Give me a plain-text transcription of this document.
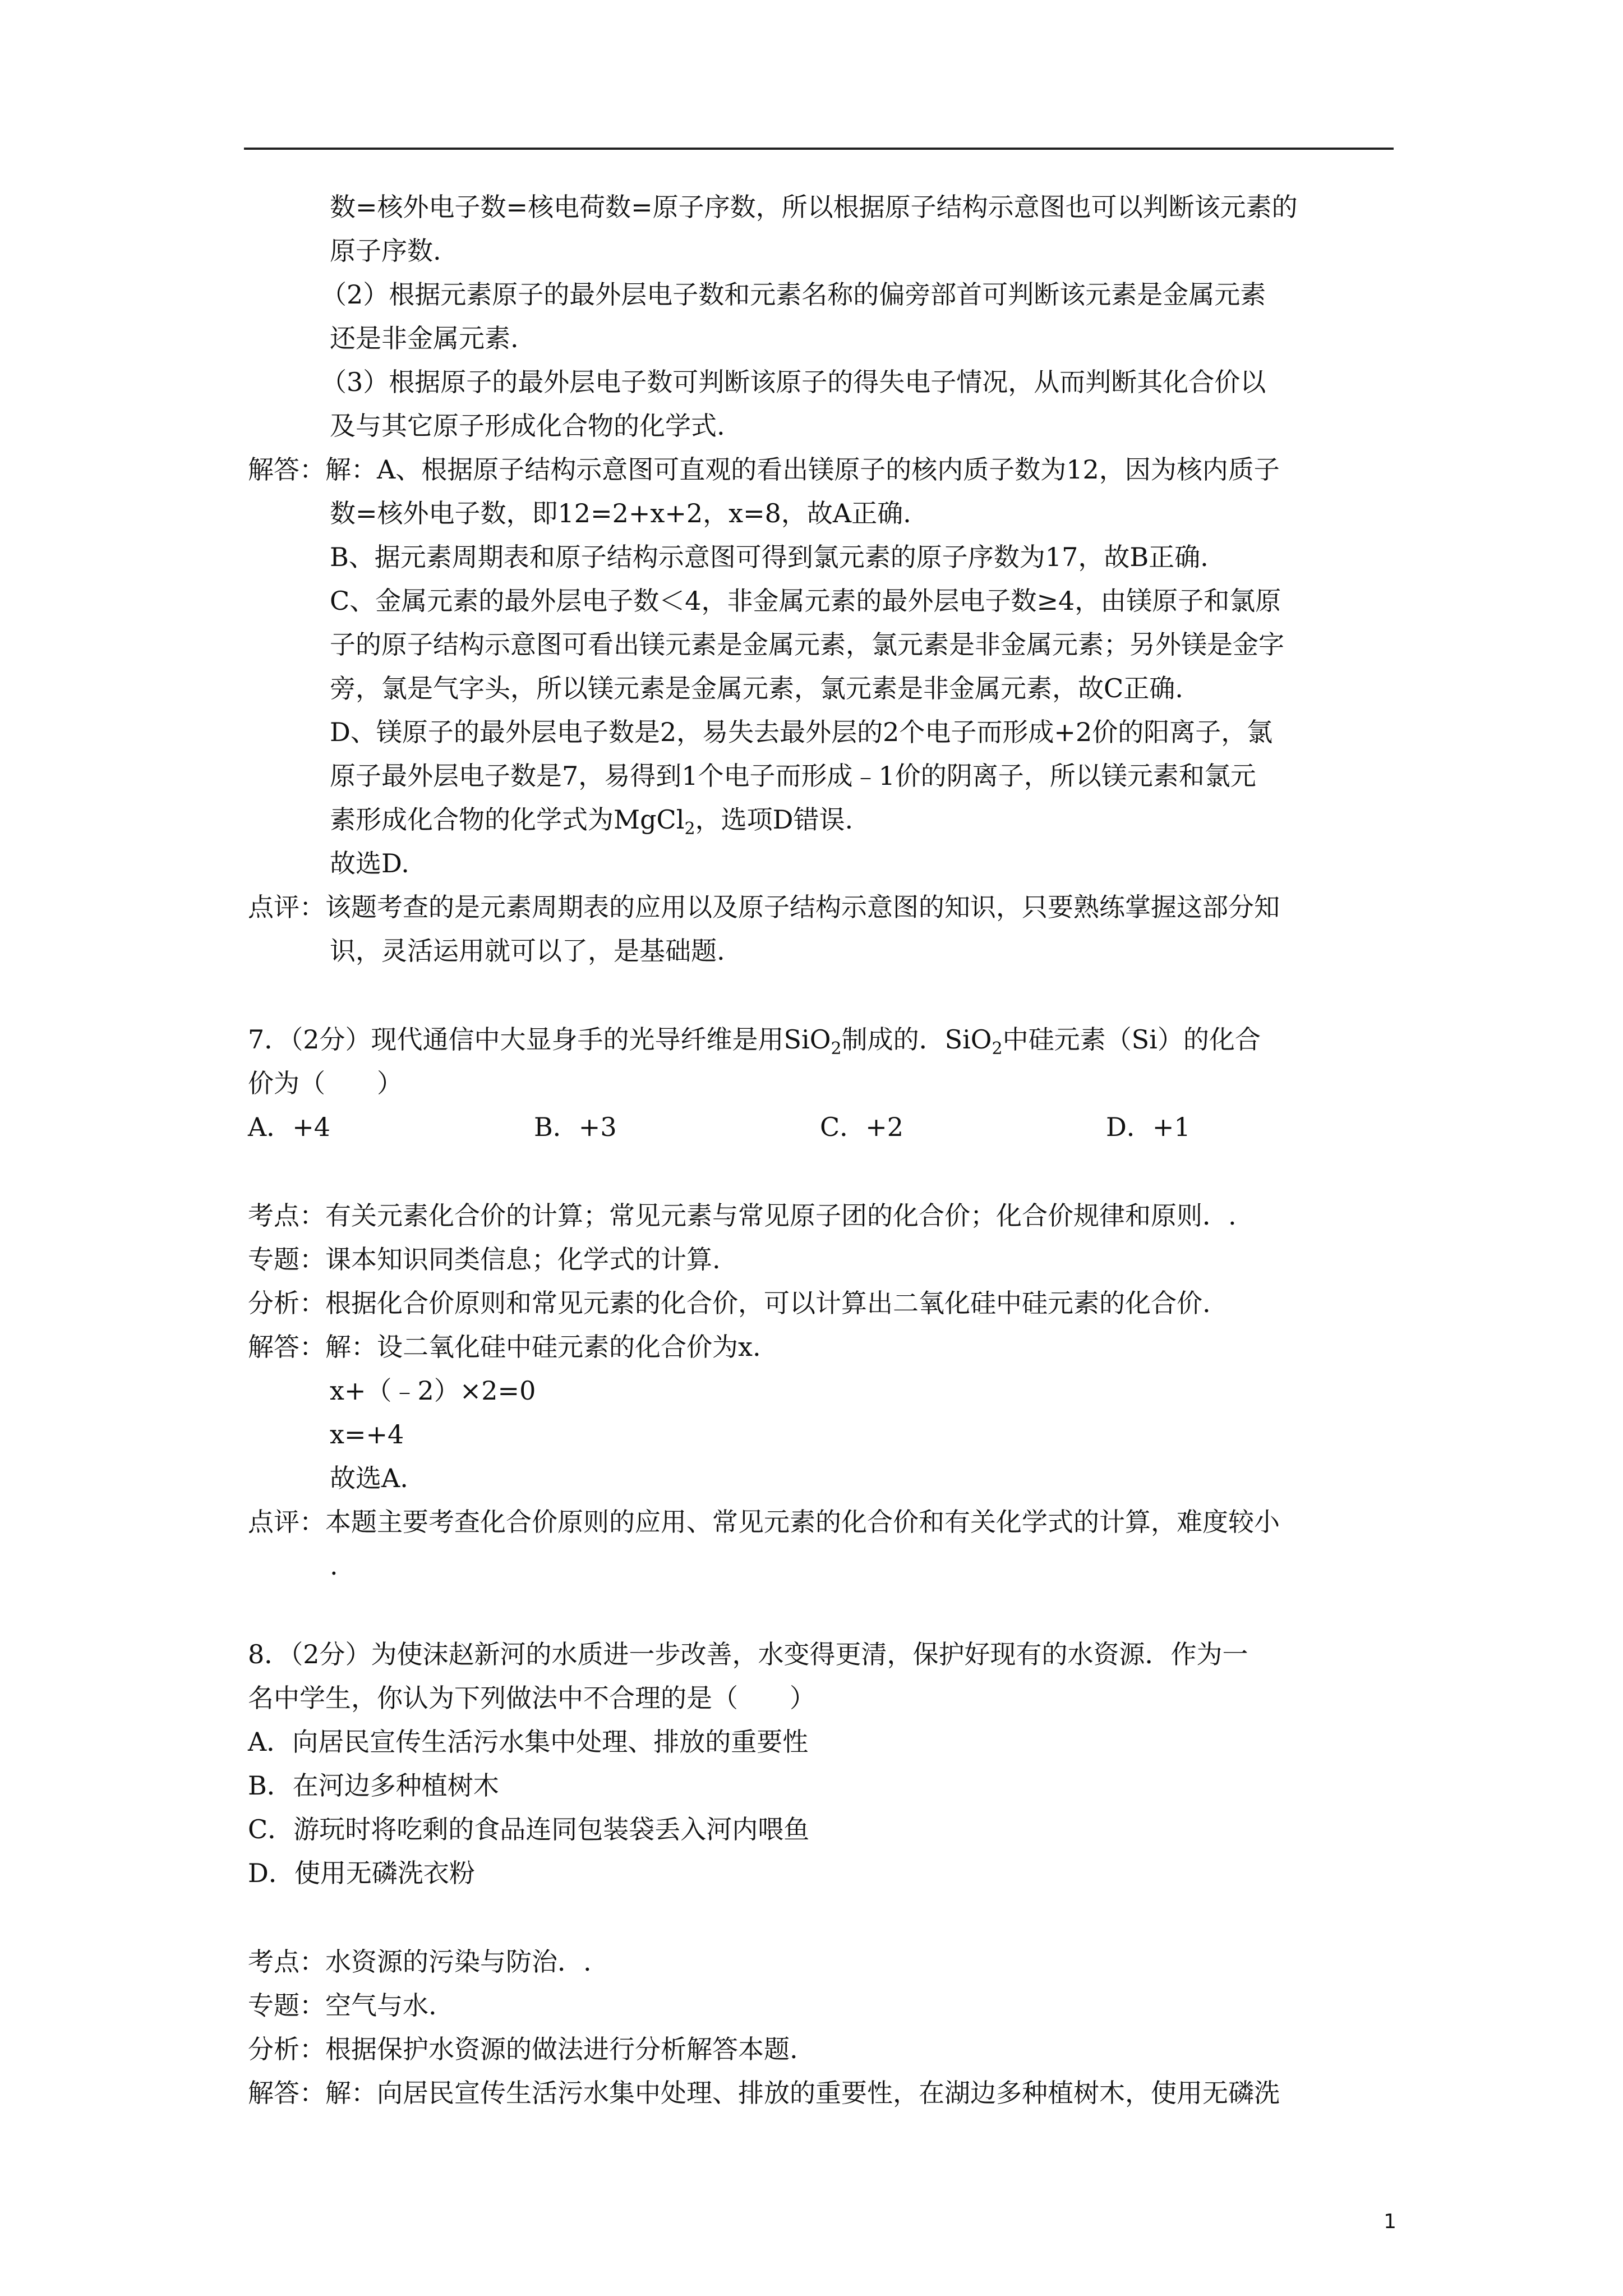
数=核外电子数=核电荷数=原子序数，所以根据原子结构示意图也可以判断该元素的

原子序数.

（2）根据元素原子的最外层电子数和元素名称的偏旁部首可判断该元素是金属元素

还是非金属元素.

（3）根据原子的最外层电子数可判断该原子的得失电子情况，从而判断其化合价以

及与其它原子形成化合物的化学式.

解答：解：A、根据原子结构示意图可直观的看出镁原子的核内质子数为12，因为核内质子

数=核外电子数，即12=2+x+2，x=8，故A正确.

B、据元素周期表和原子结构示意图可得到氯元素的原子序数为17，故B正确.

C、金属元素的最外层电子数＜4，非金属元素的最外层电子数≥4，由镁原子和氯原

子的原子结构示意图可看出镁元素是金属元素，氯元素是非金属元素；另外镁是金字

旁，氯是气字头，所以镁元素是金属元素，氯元素是非金属元素，故C正确.

D、镁原子的最外层电子数是2，易失去最外层的2个电子而形成+2价的阳离子，氯

原子最外层电子数是7，易得到1个电子而形成﹣1价的阴离子，所以镁元素和氯元

素形成化合物的化学式为MgCl$_2$，选项D错误.

故选D.

点评：该题考查的是元素周期表的应用以及原子结构示意图的知识，只要熟练掌握这部分知

识，灵活运用就可以了，是基础题.

7．（2分）现代通信中大显身手的光导纤维是用SiO$_2$制成的．SiO$_2$中硅元素（Si）的化合

价为（　　）

A．+4	B．+3	C．+2	D．+1

考点：有关元素化合价的计算；常见元素与常见原子团的化合价；化合价规律和原则．.

专题：课本知识同类信息；化学式的计算.

分析：根据化合价原则和常见元素的化合价，可以计算出二氧化硅中硅元素的化合价.

解答：解：设二氧化硅中硅元素的化合价为x.

x+（﹣2）×2=0

x=+4

故选A.

点评：本题主要考查化合价原则的应用、常见元素的化合价和有关化学式的计算，难度较小

.

8．（2分）为使沫赵新河的水质进一步改善，水变得更清，保护好现有的水资源．作为一

名中学生，你认为下列做法中不合理的是（　　）

A．向居民宣传生活污水集中处理、排放的重要性

B．在河边多种植树木

C．游玩时将吃剩的食品连同包装袋丢入河内喂鱼

D．使用无磷洗衣粉

考点：水资源的污染与防治．.

专题：空气与水.

分析：根据保护水资源的做法进行分析解答本题.

解答：解：向居民宣传生活污水集中处理、排放的重要性，在湖边多种植树木，使用无磷洗

1
